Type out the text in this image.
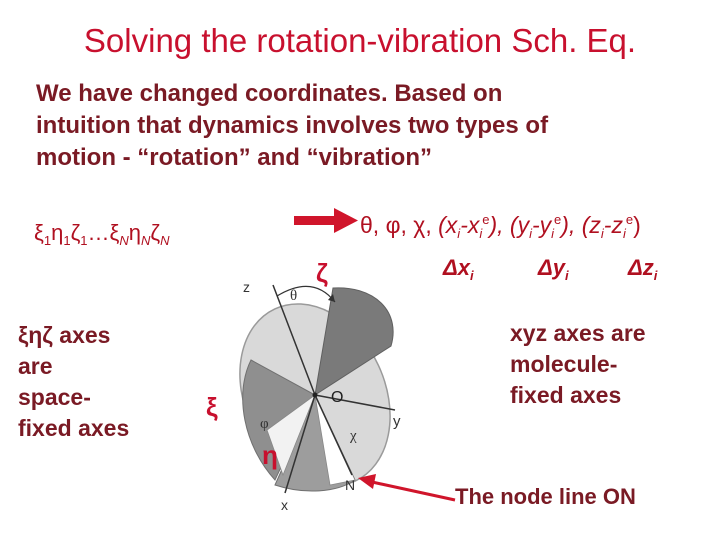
Solving the rotation-vibration Sch. Eq.
We have changed coordinates. Based on
intuition that dynamics involves two types of
motion - “rotation” and “vibration”
$\xi_1\eta_1\zeta_1\dots\xi_N\eta_N\zeta_N$
θ, φ, χ, $(x_i-x_i^e)$, $(y_i-y_i^e)$, $(z_i-z_i^e)$
Δxi	Δyi	Δzi
ξηζ axes
are
space-
fixed axes
xyz axes are
molecule-
fixed axes
z
θ
O
y
φ
χ
N
x
ζ
ξ
η
The node line ON
